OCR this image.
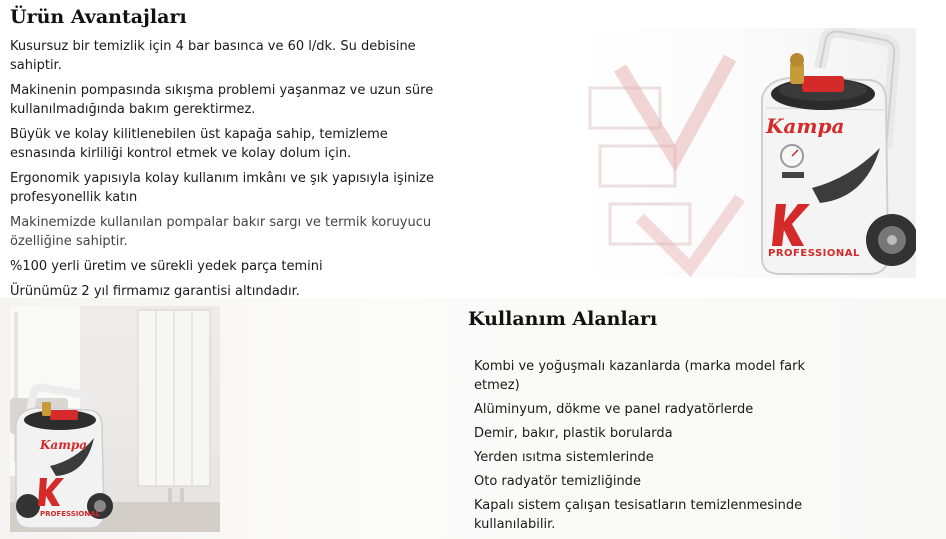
Ürün Avantajları

Kusursuz bir temizlik için 4 bar basınca ve 60 l/dk. Su debisine sahiptir.

Makinenin pompasında sıkışma problemi yaşanmaz ve uzun süre kullanılmadığında bakım gerektirmez.

Büyük ve kolay kilitlenebilen üst kapağa sahip, temizleme esnasında kirliliği kontrol etmek ve kolay dolum için.

Ergonomik yapısıyla kolay kullanım imkânı ve şık yapısıyla işinize profesyonellik katın

Makinemizde kullanılan pompalar bakır sargı ve termik koruyucu özelliğine sahiptir.

%100 yerli üretim ve sürekli yedek parça temini

Ürünümüz 2 yıl firmamız garantisi altındadır.

Kampa
PROFESSIONAL
Kampa
PROFESSIONAL
Kullanım Alanları

Kombi ve yoğuşmalı kazanlarda (marka model fark etmez)

Alüminyum, dökme ve panel radyatörlerde

Demir, bakır, plastik borularda

Yerden ısıtma sistemlerinde

Oto radyatör temizliğinde

Kapalı sistem çalışan tesisatların temizlenmesinde kullanılabilir.
